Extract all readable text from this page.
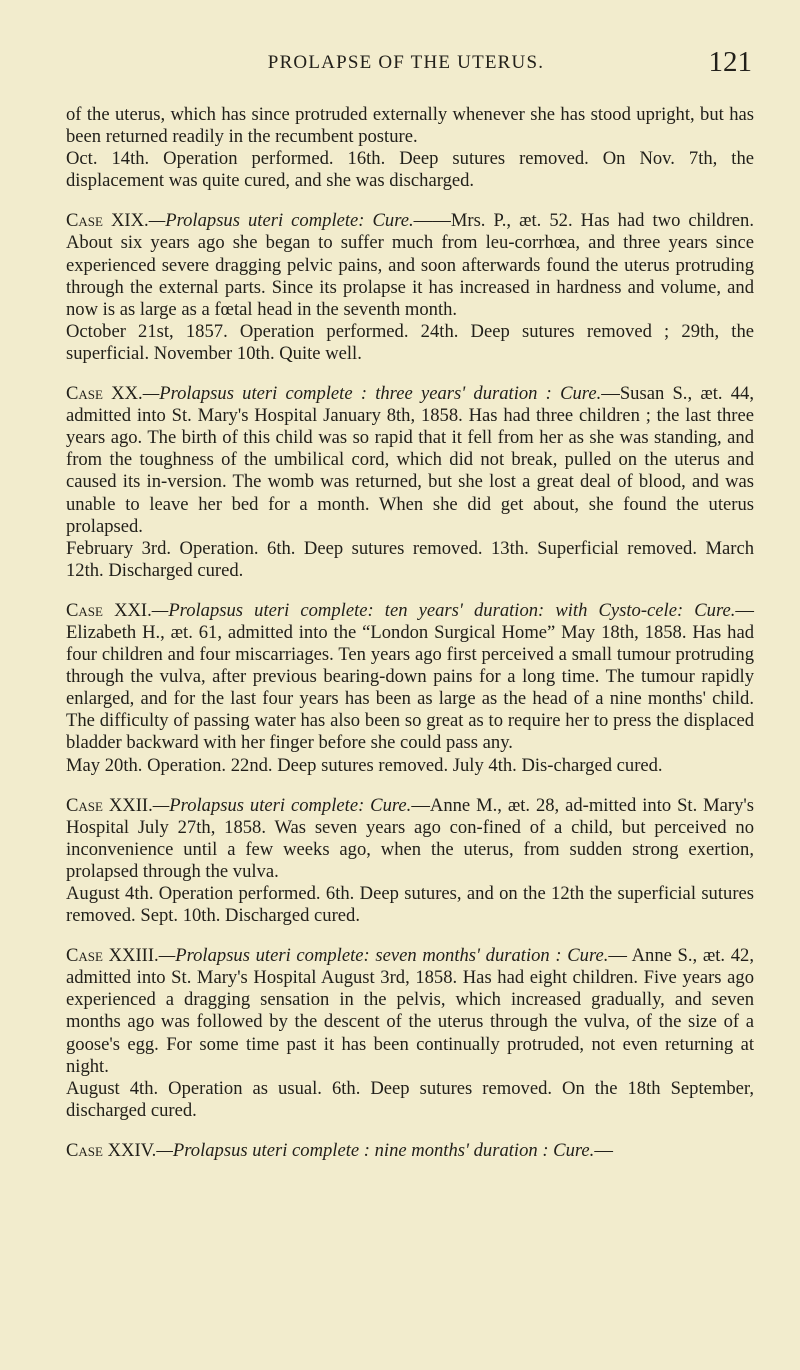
PROLAPSE OF THE UTERUS.	121

of the uterus, which has since protruded externally whenever she has stood upright, but has been returned readily in the recumbent posture.

Oct. 14th. Operation performed. 16th. Deep sutures removed. On Nov. 7th, the displacement was quite cured, and she was discharged.

Case XIX.—Prolapsus uteri complete: Cure.——Mrs. P., æt. 52. Has had two children. About six years ago she began to suffer much from leu-corrhœa, and three years since experienced severe dragging pelvic pains, and soon afterwards found the uterus protruding through the external parts. Since its prolapse it has increased in hardness and volume, and now is as large as a fœtal head in the seventh month.

October 21st, 1857. Operation performed. 24th. Deep sutures removed ; 29th, the superficial. November 10th. Quite well.

Case XX.—Prolapsus uteri complete : three years' duration : Cure.—Susan S., æt. 44, admitted into St. Mary's Hospital January 8th, 1858. Has had three children ; the last three years ago. The birth of this child was so rapid that it fell from her as she was standing, and from the toughness of the umbilical cord, which did not break, pulled on the uterus and caused its in-version. The womb was returned, but she lost a great deal of blood, and was unable to leave her bed for a month. When she did get about, she found the uterus prolapsed.

February 3rd. Operation. 6th. Deep sutures removed. 13th. Superficial removed. March 12th. Discharged cured.

Case XXI.—Prolapsus uteri complete: ten years' duration: with Cysto-cele: Cure.—Elizabeth H., æt. 61, admitted into the “London Surgical Home” May 18th, 1858. Has had four children and four miscarriages. Ten years ago first perceived a small tumour protruding through the vulva, after previous bearing-down pains for a long time. The tumour rapidly enlarged, and for the last four years has been as large as the head of a nine months' child. The difficulty of passing water has also been so great as to require her to press the displaced bladder backward with her finger before she could pass any.

May 20th. Operation. 22nd. Deep sutures removed. July 4th. Dis-charged cured.

Case XXII.—Prolapsus uteri complete: Cure.—Anne M., æt. 28, ad-mitted into St. Mary's Hospital July 27th, 1858. Was seven years ago con-fined of a child, but perceived no inconvenience until a few weeks ago, when the uterus, from sudden strong exertion, prolapsed through the vulva.

August 4th. Operation performed. 6th. Deep sutures, and on the 12th the superficial sutures removed. Sept. 10th. Discharged cured.

Case XXIII.—Prolapsus uteri complete: seven months' duration : Cure.— Anne S., æt. 42, admitted into St. Mary's Hospital August 3rd, 1858. Has had eight children. Five years ago experienced a dragging sensation in the pelvis, which increased gradually, and seven months ago was followed by the descent of the uterus through the vulva, of the size of a goose's egg. For some time past it has been continually protruded, not even returning at night.

August 4th. Operation as usual. 6th. Deep sutures removed. On the 18th September, discharged cured.

Case XXIV.—Prolapsus uteri complete : nine months' duration : Cure.—
